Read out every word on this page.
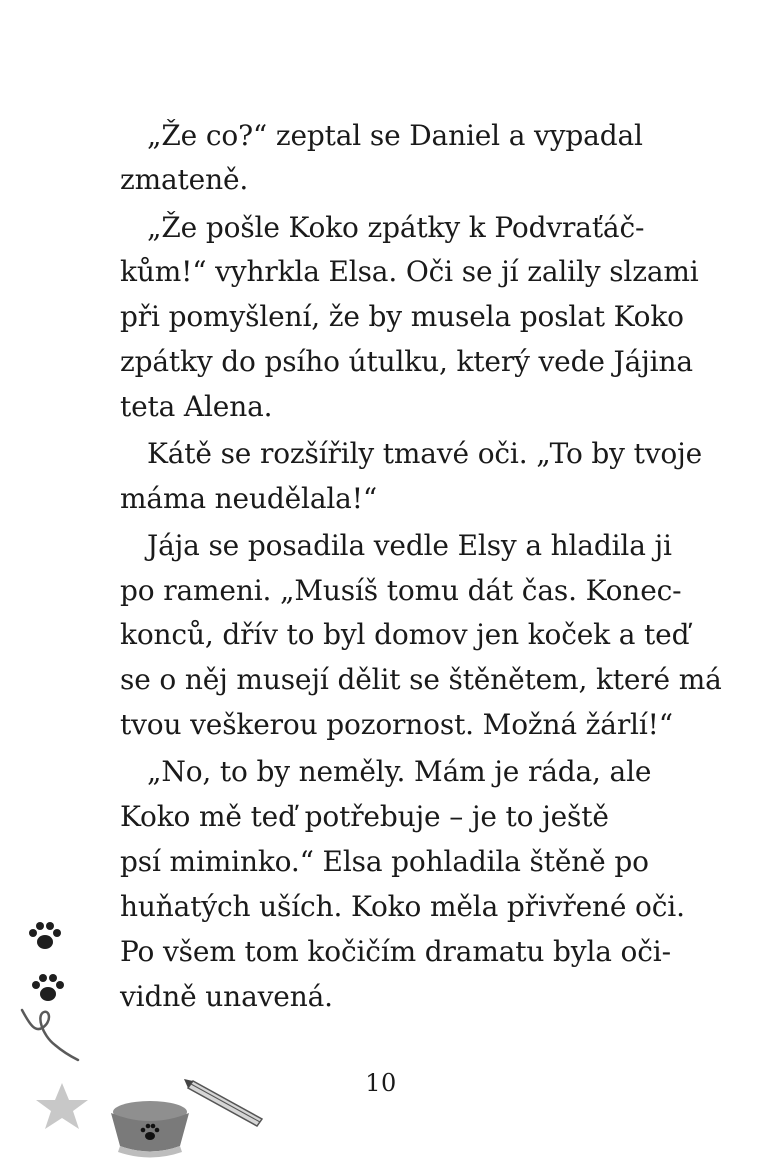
„Že co?“ zeptal se Daniel a vypadal
zmateně.
„Že pošle Koko zpátky k Podvraťáč-
kům!“ vyhrkla Elsa. Oči se jí zalily slzami
při pomyšlení, že by musela poslat Koko
zpátky do psího útulku, který vede Jájina
teta Alena.
Kátě se rozšířily tmavé oči. „To by tvoje
máma neudělala!“
Jája se posadila vedle Elsy a hladila ji
po rameni. „Musíš tomu dát čas. Konec-
konců, dřív to byl domov jen koček a teď
se o něj musejí dělit se štěnětem, které má
tvou veškerou pozornost. Možná žárlí!“
„No, to by neměly. Mám je ráda, ale
Koko mě teď potřebuje – je to ještě
psí miminko.“ Elsa pohladila štěně po
huňatých uších. Koko měla přivřené oči.
Po všem tom kočičím dramatu byla oči-
vidně unavená.
10
